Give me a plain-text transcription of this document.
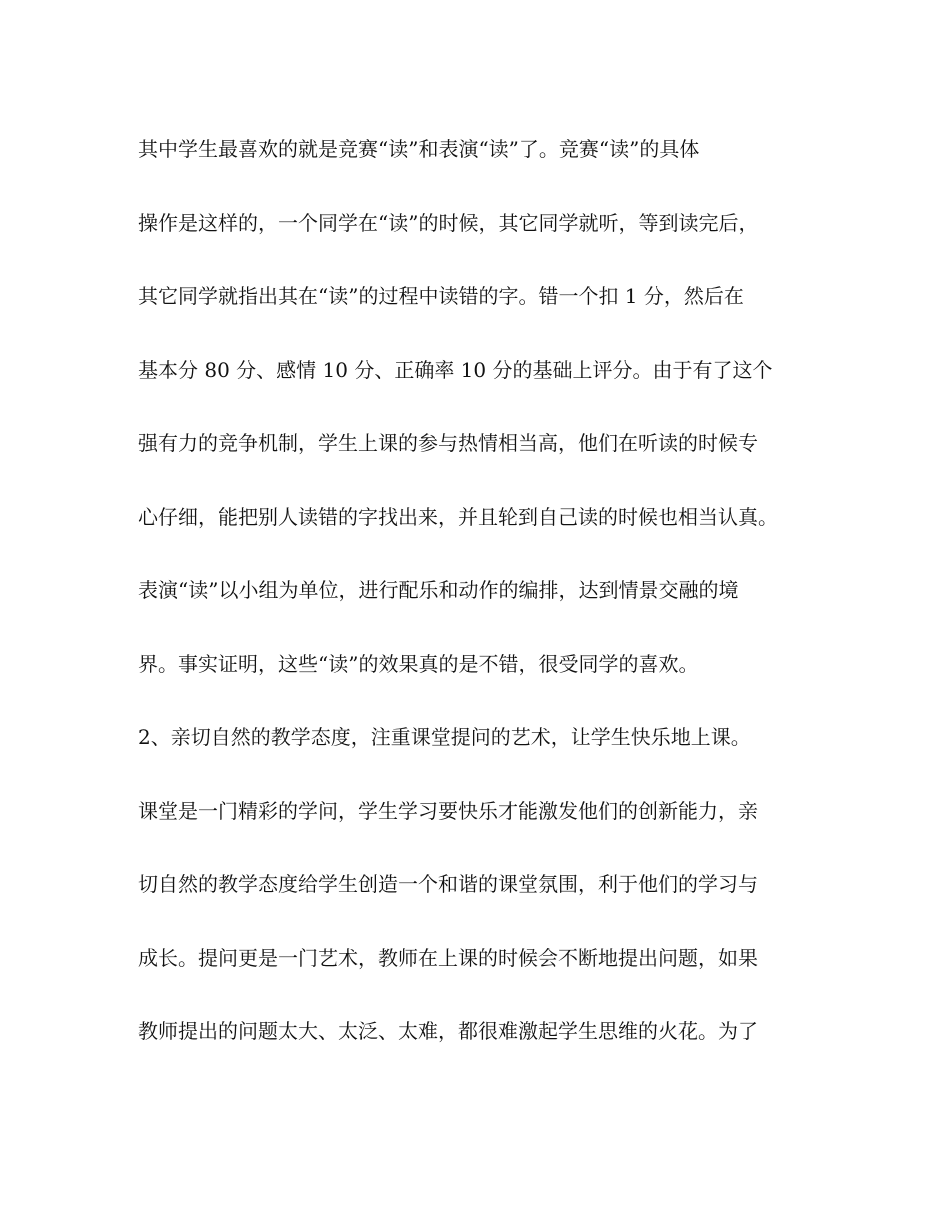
其中学生最喜欢的就是竞赛“读”和表演“读”了。竞赛“读”的具体
操作是这样的，一个同学在“读”的时候，其它同学就听，等到读完后，
其它同学就指出其在“读”的过程中读错的字。错一个扣 1 分，然后在
基本分 80 分、感情 10 分、正确率 10 分的基础上评分。由于有了这个
强有力的竞争机制，学生上课的参与热情相当高，他们在听读的时候专
心仔细，能把别人读错的字找出来，并且轮到自己读的时候也相当认真。
表演“读”以小组为单位，进行配乐和动作的编排，达到情景交融的境
界。事实证明，这些“读”的效果真的是不错，很受同学的喜欢。
2、亲切自然的教学态度，注重课堂提问的艺术，让学生快乐地上课。
课堂是一门精彩的学问，学生学习要快乐才能激发他们的创新能力，亲
切自然的教学态度给学生创造一个和谐的课堂氛围，利于他们的学习与
成长。提问更是一门艺术，教师在上课的时候会不断地提出问题，如果
教师提出的问题太大、太泛、太难，都很难激起学生思维的火花。为了
